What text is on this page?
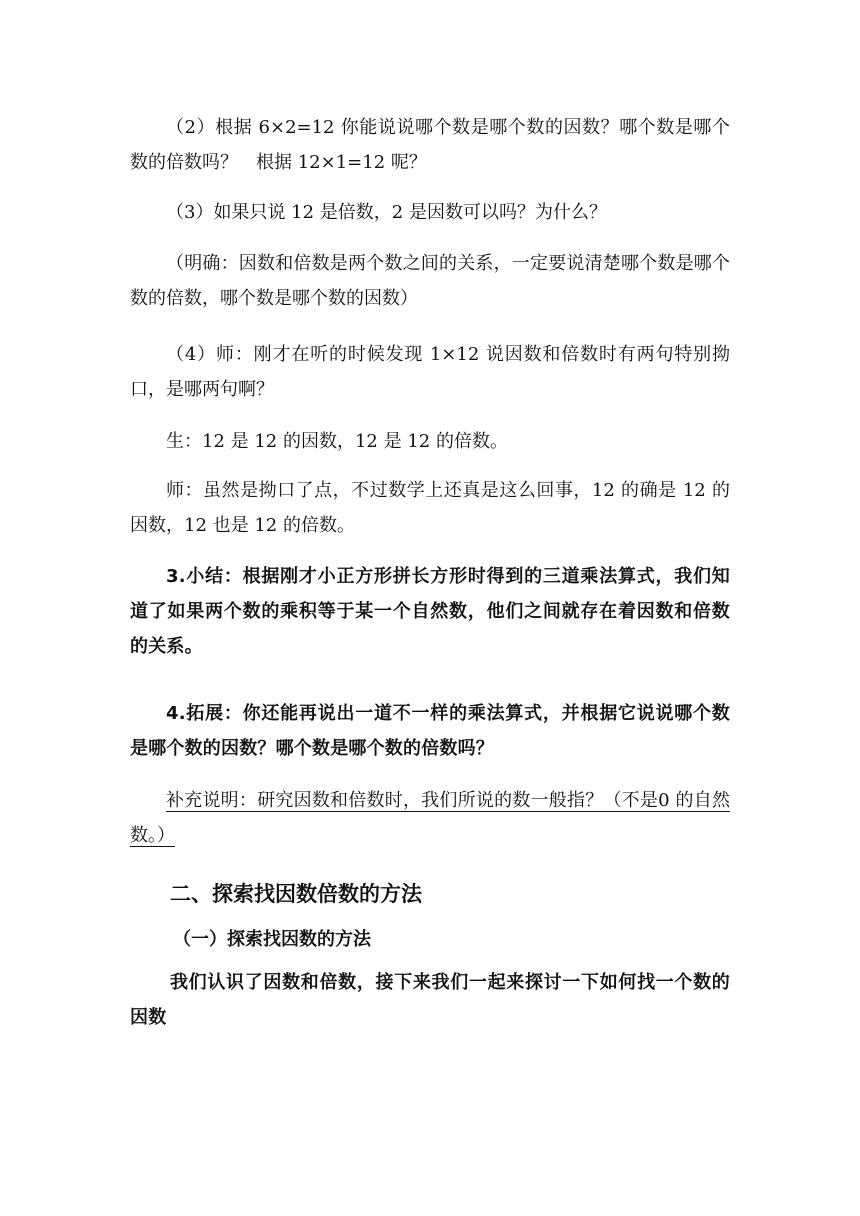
（2）根据 6×2=12 你能说说哪个数是哪个数的因数？哪个数是哪个数的倍数吗？　根据 12×1=12 呢？

（3）如果只说 12 是倍数，2 是因数可以吗？为什么？

（明确：因数和倍数是两个数之间的关系，一定要说清楚哪个数是哪个数的倍数，哪个数是哪个数的因数）

（4）师：刚才在听的时候发现 1×12 说因数和倍数时有两句特别拗口，是哪两句啊？

生：12 是 12 的因数，12 是 12 的倍数。

师：虽然是拗口了点，不过数学上还真是这么回事，12 的确是 12 的因数，12 也是 12 的倍数。

3.小结：根据刚才小正方形拼长方形时得到的三道乘法算式，我们知道了如果两个数的乘积等于某一个自然数，他们之间就存在着因数和倍数的关系。

4.拓展：你还能再说出一道不一样的乘法算式，并根据它说说哪个数是哪个数的因数？哪个数是哪个数的倍数吗？

补充说明：研究因数和倍数时，我们所说的数一般指？（不是0 的自然数。）

二、探索找因数倍数的方法
（一）探索找因数的方法

我们认识了因数和倍数，接下来我们一起来探讨一下如何找一个数的因数
